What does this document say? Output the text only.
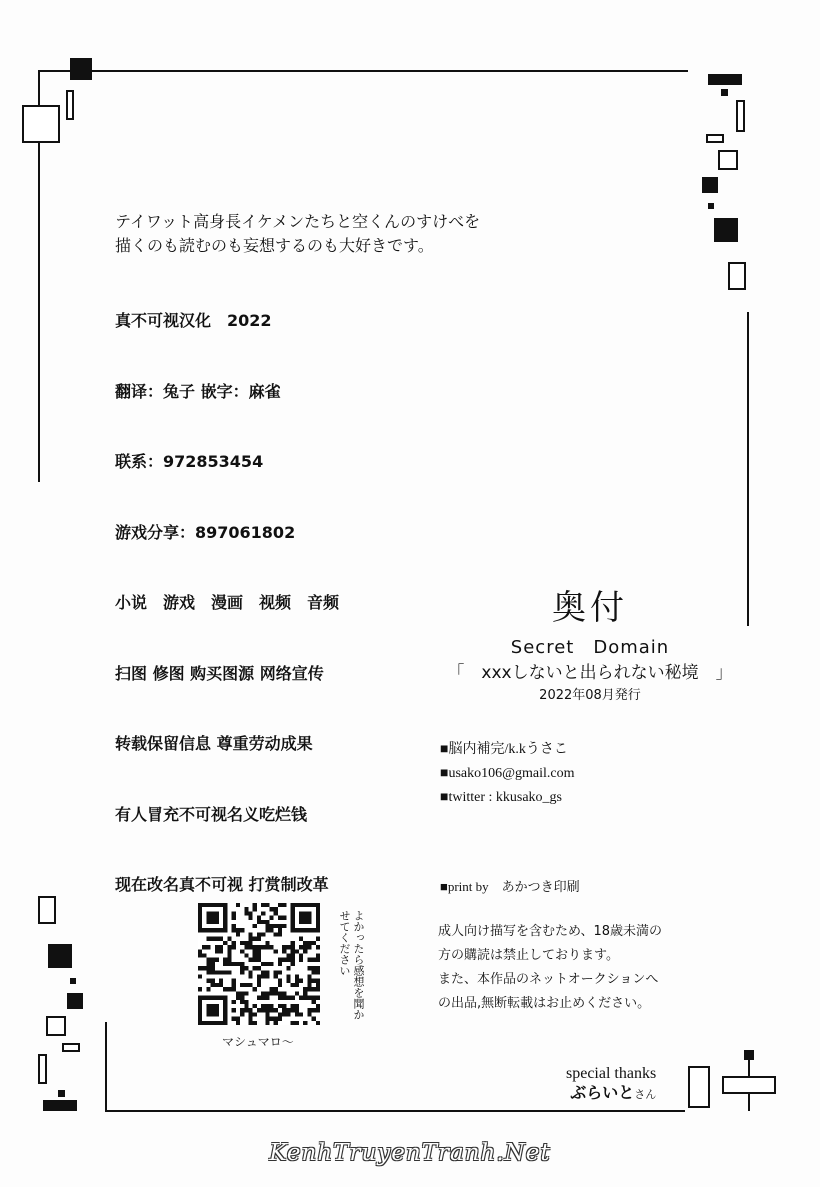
テイワット高身長イケメンたちと空くんのすけべを
描くのも読むのも妄想するのも大好きです。

真不可视汉化　2022

翻译：兔子 嵌字：麻雀

联系：972853454

游戏分享：897061802

小说　游戏　漫画　视频　音频

扫图 修图 购买图源 网络宣传

转载保留信息 尊重劳动成果

有人冒充不可视名义吃烂钱

现在改名真不可视 打赏制改革

奥付
Secret　Domain
「　xxxしないと出られない秘境　」
2022年08月発行
■脳内補完/k.kうさこ
■usako106@gmail.com
■twitter : kkusako_gs
■print by　あかつき印刷
成人向け描写を含むため、18歳未満の
方の購読は禁止しております。
また、本作品のネットオークションへ
の出品,無断転載はお止めください。
よかったら感想を聞かせてください
マシュマロ〜
special thanks
ぶらいとさん
KenhTruyenTranh.Net
